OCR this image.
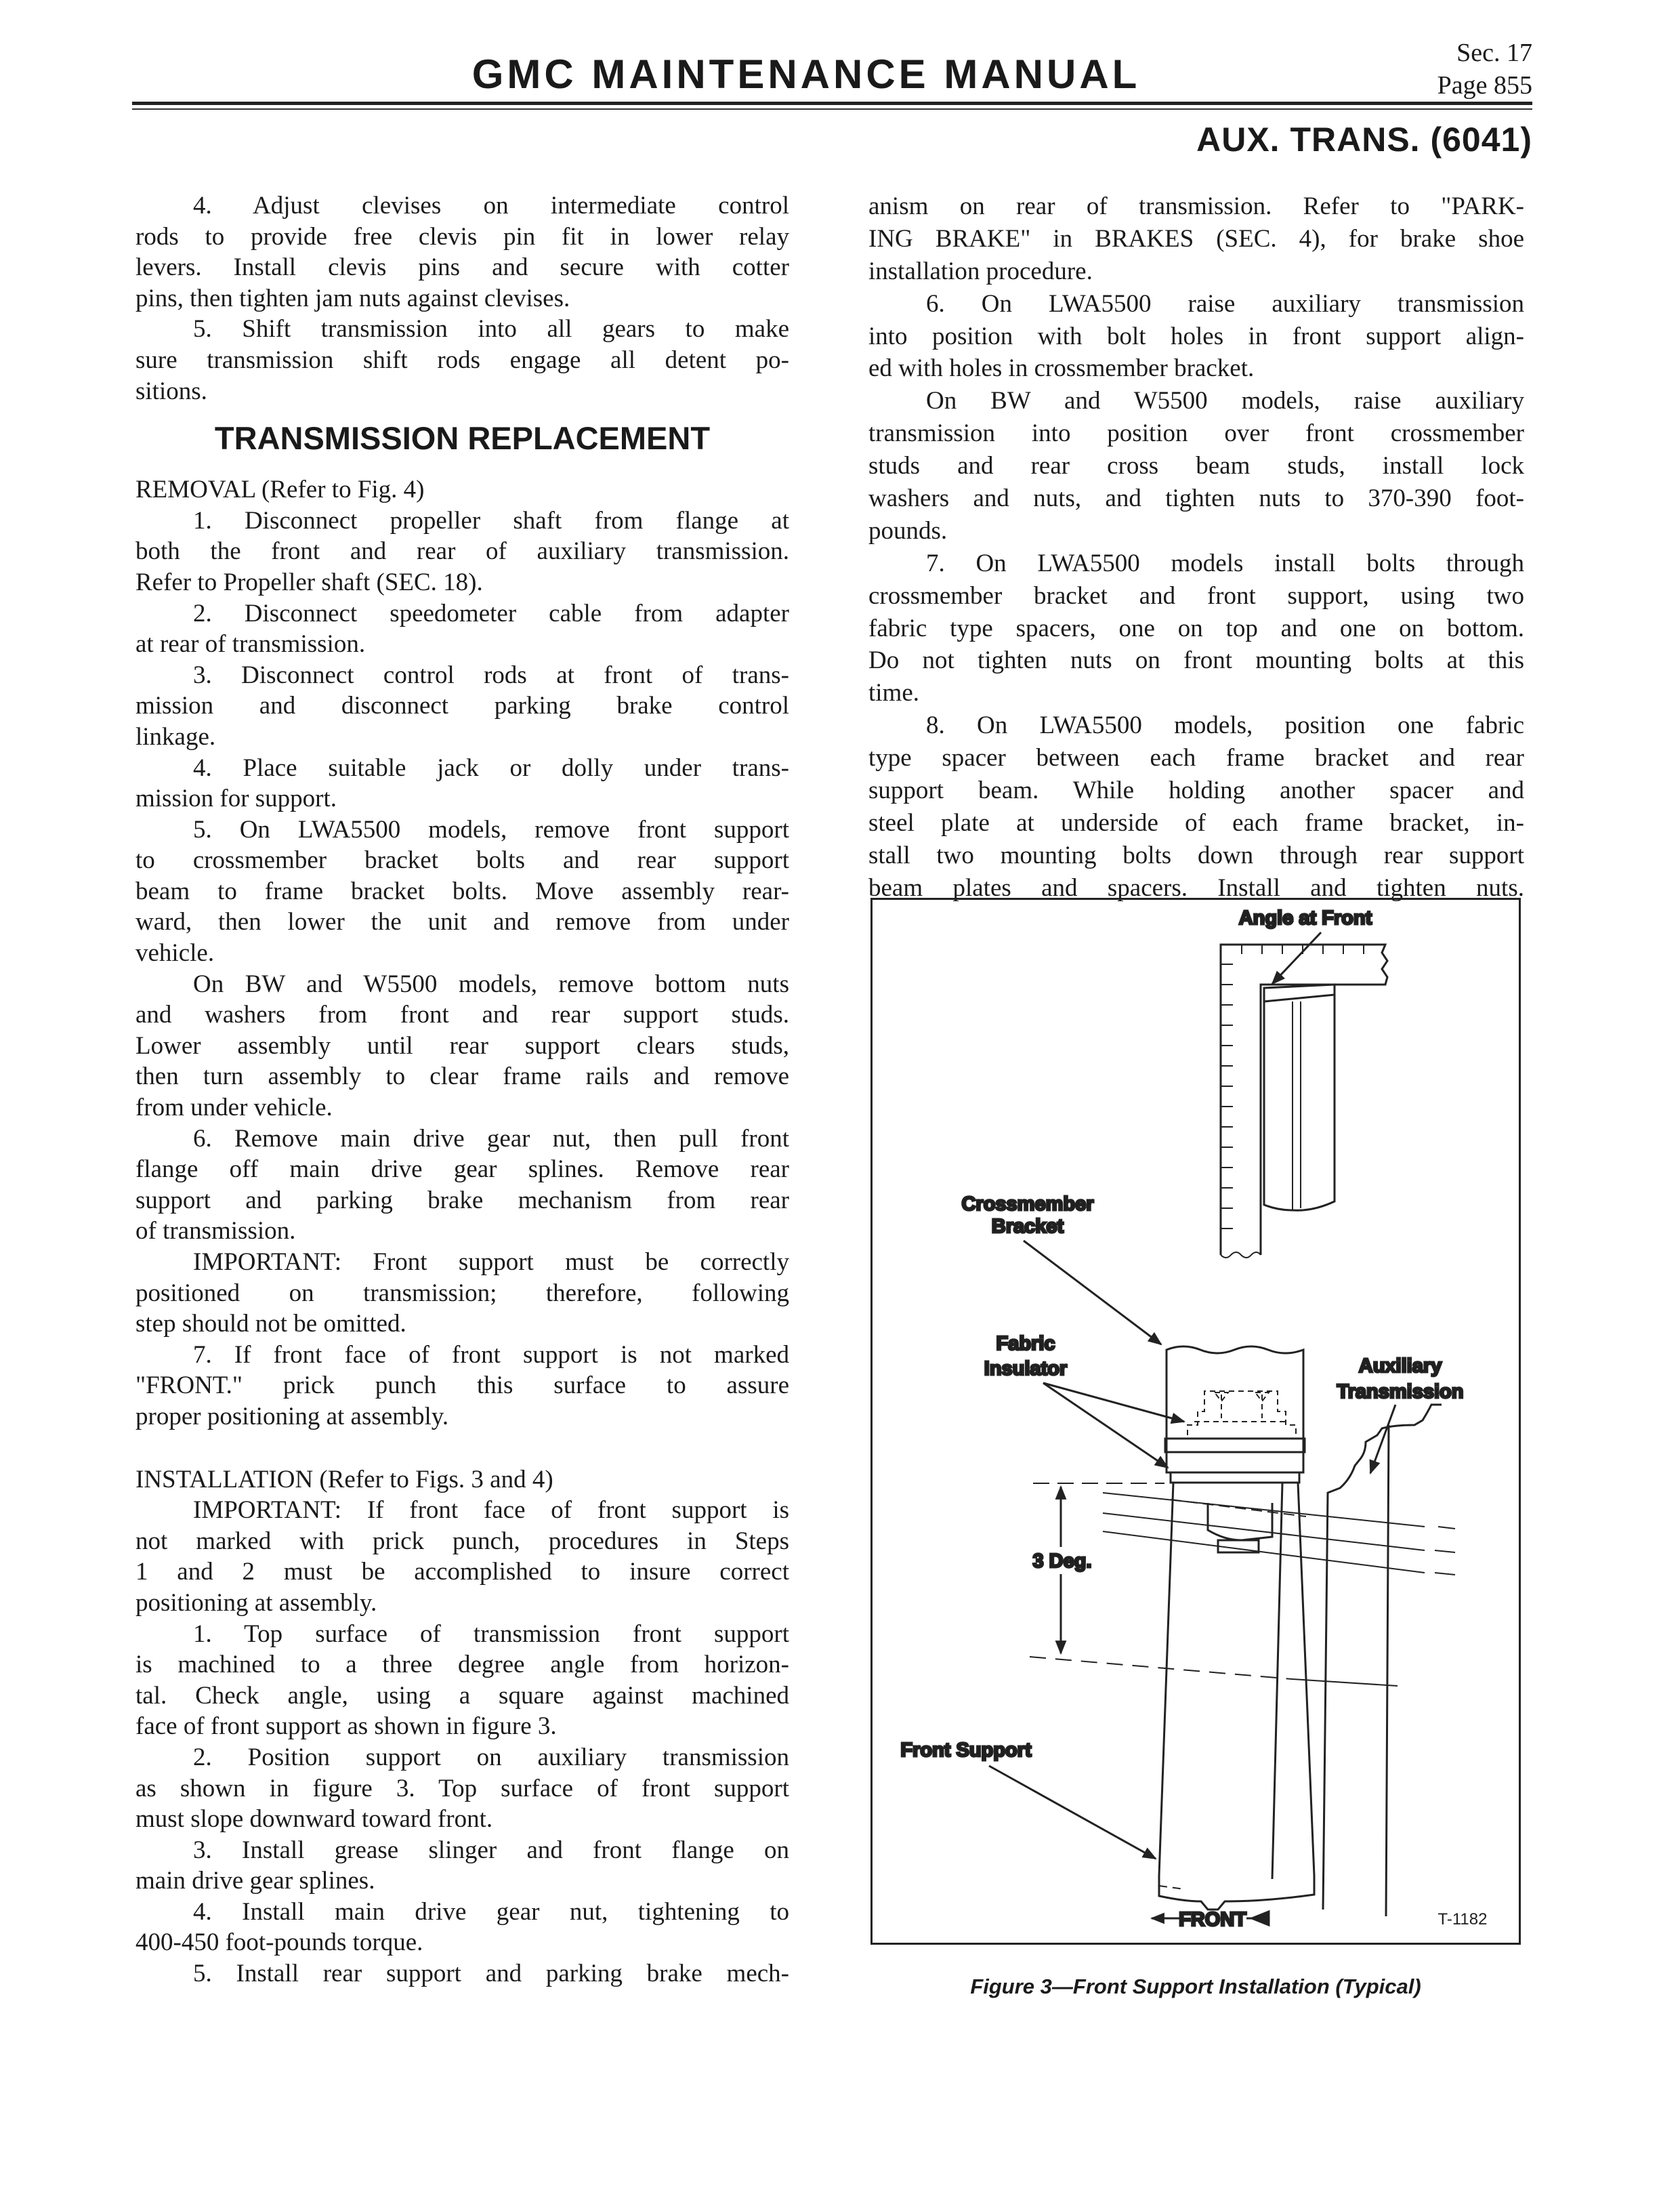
GMC MAINTENANCE MANUAL	Sec. 17
Page 855
AUX. TRANS. (6041)
4. Adjust clevises on intermediate control
rods to provide free clevis pin fit in lower relay
levers. Install clevis pins and secure with cotter
pins, then tighten jam nuts against clevises.
5. Shift transmission into all gears to make
sure transmission shift rods engage all detent po-
sitions.
TRANSMISSION REPLACEMENT
REMOVAL (Refer to Fig. 4)
1. Disconnect propeller shaft from flange at
both the front and rear of auxiliary transmission.
Refer to Propeller shaft (SEC. 18).
2. Disconnect speedometer cable from adapter
at rear of transmission.
3. Disconnect control rods at front of trans-
mission and disconnect parking brake control
linkage.
4. Place suitable jack or dolly under trans-
mission for support.
5. On LWA5500 models, remove front support
to crossmember bracket bolts and rear support
beam to frame bracket bolts. Move assembly rear-
ward, then lower the unit and remove from under
vehicle.
On BW and W5500 models, remove bottom nuts
and washers from front and rear support studs.
Lower assembly until rear support clears studs,
then turn assembly to clear frame rails and remove
from under vehicle.
6. Remove main drive gear nut, then pull front
flange off main drive gear splines. Remove rear
support and parking brake mechanism from rear
of transmission.
IMPORTANT: Front support must be correctly
positioned on transmission; therefore, following
step should not be omitted.
7. If front face of front support is not marked
"FRONT." prick punch this surface to assure
proper positioning at assembly.
INSTALLATION (Refer to Figs. 3 and 4)
IMPORTANT: If front face of front support is
not marked with prick punch, procedures in Steps
1 and 2 must be accomplished to insure correct
positioning at assembly.
1. Top surface of transmission front support
is machined to a three degree angle from horizon-
tal. Check angle, using a square against machined
face of front support as shown in figure 3.
2. Position support on auxiliary transmission
as shown in figure 3. Top surface of front support
must slope downward toward front.
3. Install grease slinger and front flange on
main drive gear splines.
4. Install main drive gear nut, tightening to
400-450 foot-pounds torque.
5. Install rear support and parking brake mech-
anism on rear of transmission. Refer to "PARK-
ING BRAKE" in BRAKES (SEC. 4), for brake shoe
installation procedure.
6. On LWA5500 raise auxiliary transmission
into position with bolt holes in front support align-
ed with holes in crossmember bracket.
On BW and W5500 models, raise auxiliary
transmission into position over front crossmember
studs and rear cross beam studs, install lock
washers and nuts, and tighten nuts to 370-390 foot-
pounds.
7. On LWA5500 models install bolts through
crossmember bracket and front support, using two
fabric type spacers, one on top and one on bottom.
Do not tighten nuts on front mounting bolts at this
time.
8. On LWA5500 models, position one fabric
type spacer between each frame bracket and rear
support beam. While holding another spacer and
steel plate at underside of each frame bracket, in-
stall two mounting bolts down through rear support
beam plates and spacers. Install and tighten nuts.
Angle at Front
Crossmember
Bracket
Fabric
Insulator	Auxiliary
Transmission
3 Deg.
Front Support
FRONT	T-1182
Figure 3—Front Support Installation (Typical)
